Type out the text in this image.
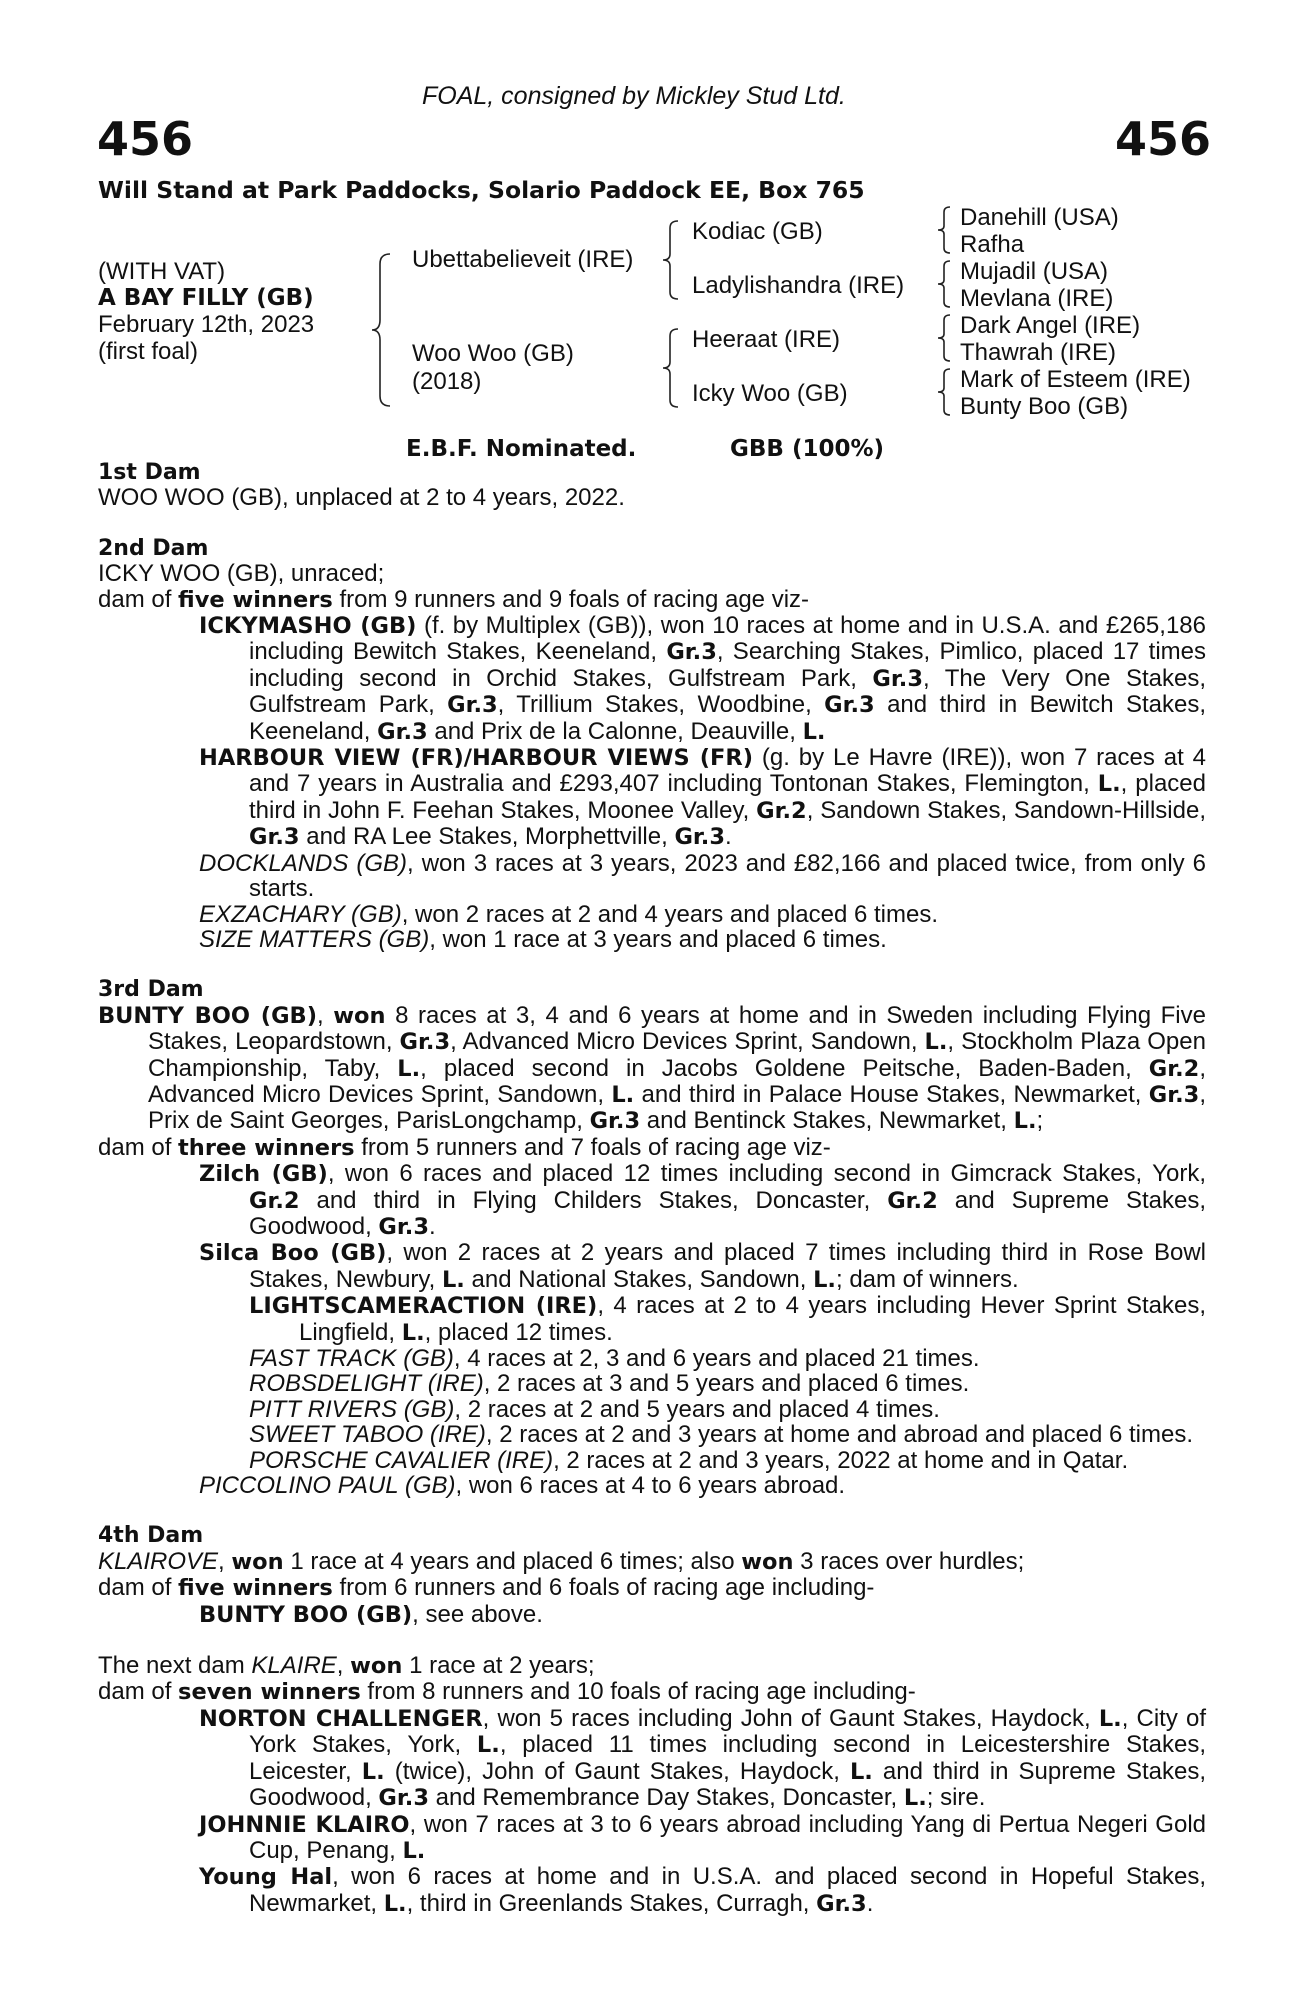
FOAL, consigned by Mickley Stud Ltd.
456	456
Will Stand at Park Paddocks, Solario Paddock EE, Box 765
(WITH VAT)
A BAY FILLY (GB)
February 12th, 2023
(first foal)
Ubettabelieveit (IRE)
Woo Woo (GB)
(2018)
Kodiac (GB)
Ladylishandra (IRE)
Heeraat (IRE)
Icky Woo (GB)
Danehill (USA)
Rafha
Mujadil (USA)
Mevlana (IRE)
Dark Angel (IRE)
Thawrah (IRE)
Mark of Esteem (IRE)
Bunty Boo (GB)
E.B.F. Nominated.	GBB (100%)
1st Dam
WOO WOO (GB), unplaced at 2 to 4 years, 2022.
2nd Dam
ICKY WOO (GB), unraced;
dam of five winners from 9 runners and 9 foals of racing age viz-
ICKYMASHO (GB) (f. by Multiplex (GB)), won 10 races at home and in U.S.A. and £265,186 including Bewitch Stakes, Keeneland, Gr.3, Searching Stakes, Pimlico, placed 17 times including second in Orchid Stakes, Gulfstream Park, Gr.3, The Very One Stakes, Gulfstream Park, Gr.3, Trillium Stakes, Woodbine, Gr.3 and third in Bewitch Stakes, Keeneland, Gr.3 and Prix de la Calonne, Deauville, L.
HARBOUR VIEW (FR)/HARBOUR VIEWS (FR) (g. by Le Havre (IRE)), won 7 races at 4 and 7 years in Australia and £293,407 including Tontonan Stakes, Flemington, L., placed third in John F. Feehan Stakes, Moonee Valley, Gr.2, Sandown Stakes, Sandown-Hillside, Gr.3 and RA Lee Stakes, Morphettville, Gr.3.
DOCKLANDS (GB), won 3 races at 3 years, 2023 and £82,166 and placed twice, from only 6 starts.
EXZACHARY (GB), won 2 races at 2 and 4 years and placed 6 times.
SIZE MATTERS (GB), won 1 race at 3 years and placed 6 times.
3rd Dam
BUNTY BOO (GB), won 8 races at 3, 4 and 6 years at home and in Sweden including Flying Five Stakes, Leopardstown, Gr.3, Advanced Micro Devices Sprint, Sandown, L., Stockholm Plaza Open Championship, Taby, L., placed second in Jacobs Goldene Peitsche, Baden-Baden, Gr.2, Advanced Micro Devices Sprint, Sandown, L. and third in Palace House Stakes, Newmarket, Gr.3, Prix de Saint Georges, ParisLongchamp, Gr.3 and Bentinck Stakes, Newmarket, L.;
dam of three winners from 5 runners and 7 foals of racing age viz-
Zilch (GB), won 6 races and placed 12 times including second in Gimcrack Stakes, York, Gr.2 and third in Flying Childers Stakes, Doncaster, Gr.2 and Supreme Stakes, Goodwood, Gr.3.
Silca Boo (GB), won 2 races at 2 years and placed 7 times including third in Rose Bowl Stakes, Newbury, L. and National Stakes, Sandown, L.; dam of winners.
LIGHTSCAMERACTION (IRE), 4 races at 2 to 4 years including Hever Sprint Stakes, Lingfield, L., placed 12 times.
FAST TRACK (GB), 4 races at 2, 3 and 6 years and placed 21 times.
ROBSDELIGHT (IRE), 2 races at 3 and 5 years and placed 6 times.
PITT RIVERS (GB), 2 races at 2 and 5 years and placed 4 times.
SWEET TABOO (IRE), 2 races at 2 and 3 years at home and abroad and placed 6 times.
PORSCHE CAVALIER (IRE), 2 races at 2 and 3 years, 2022 at home and in Qatar.
PICCOLINO PAUL (GB), won 6 races at 4 to 6 years abroad.
4th Dam
KLAIROVE, won 1 race at 4 years and placed 6 times; also won 3 races over hurdles;
dam of five winners from 6 runners and 6 foals of racing age including-
BUNTY BOO (GB), see above.
The next dam KLAIRE, won 1 race at 2 years;
dam of seven winners from 8 runners and 10 foals of racing age including-
NORTON CHALLENGER, won 5 races including John of Gaunt Stakes, Haydock, L., City of York Stakes, York, L., placed 11 times including second in Leicestershire Stakes, Leicester, L. (twice), John of Gaunt Stakes, Haydock, L. and third in Supreme Stakes, Goodwood, Gr.3 and Remembrance Day Stakes, Doncaster, L.; sire.
JOHNNIE KLAIRO, won 7 races at 3 to 6 years abroad including Yang di Pertua Negeri Gold Cup, Penang, L.
Young Hal, won 6 races at home and in U.S.A. and placed second in Hopeful Stakes, Newmarket, L., third in Greenlands Stakes, Curragh, Gr.3.
